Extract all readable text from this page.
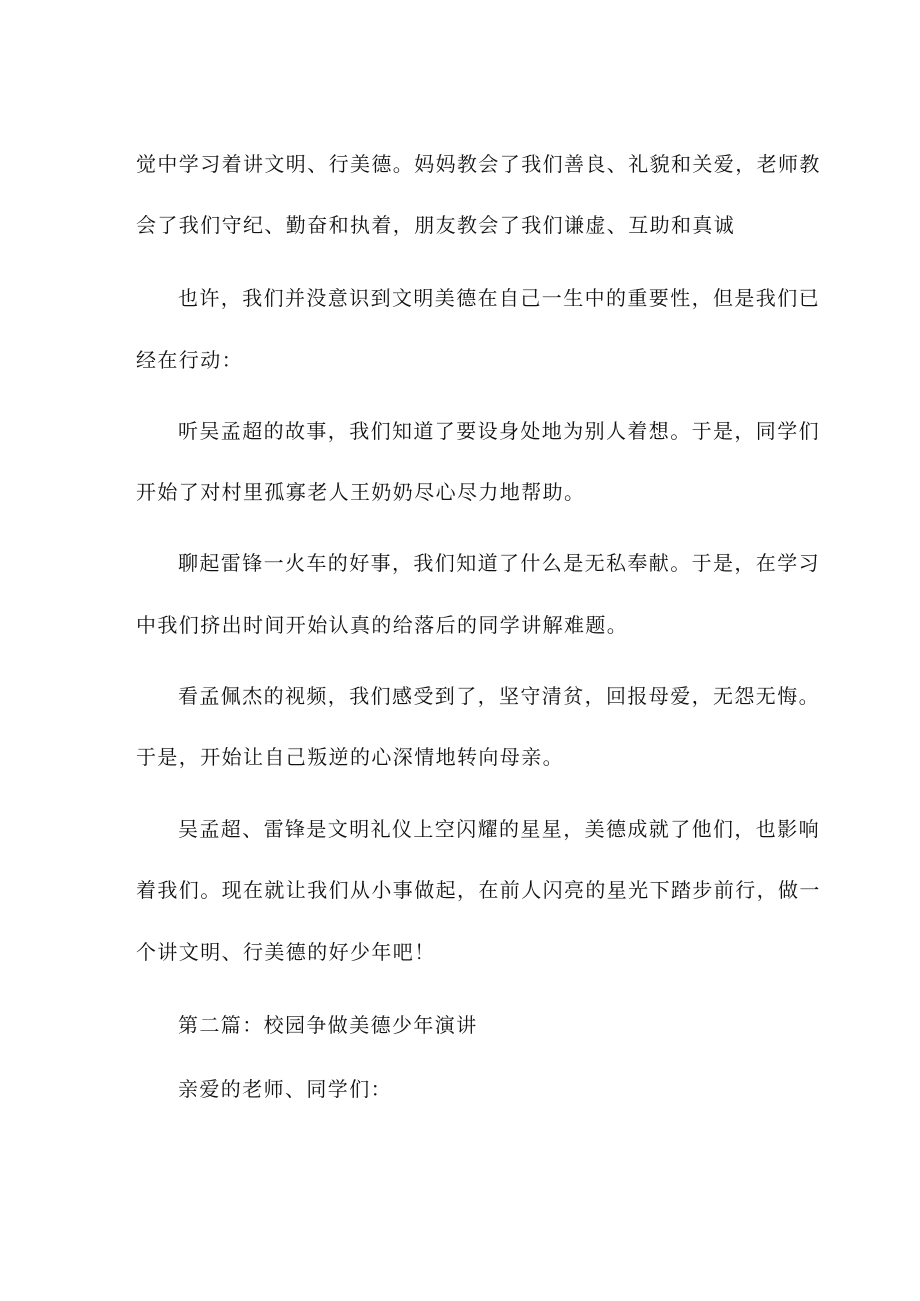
觉中学习着讲文明、行美德。妈妈教会了我们善良、礼貌和关爱，老师教
会了我们守纪、勤奋和执着，朋友教会了我们谦虚、互助和真诚
也许，我们并没意识到文明美德在自己一生中的重要性，但是我们已
经在行动：
听吴孟超的故事，我们知道了要设身处地为别人着想。于是，同学们
开始了对村里孤寡老人王奶奶尽心尽力地帮助。
聊起雷锋一火车的好事，我们知道了什么是无私奉献。于是，在学习
中我们挤出时间开始认真的给落后的同学讲解难题。
看孟佩杰的视频，我们感受到了，坚守清贫，回报母爱，无怨无悔。
于是，开始让自己叛逆的心深情地转向母亲。
吴孟超、雷锋是文明礼仪上空闪耀的星星，美德成就了他们，也影响
着我们。现在就让我们从小事做起，在前人闪亮的星光下踏步前行，做一
个讲文明、行美德的好少年吧！
第二篇：校园争做美德少年演讲
亲爱的老师、同学们：
